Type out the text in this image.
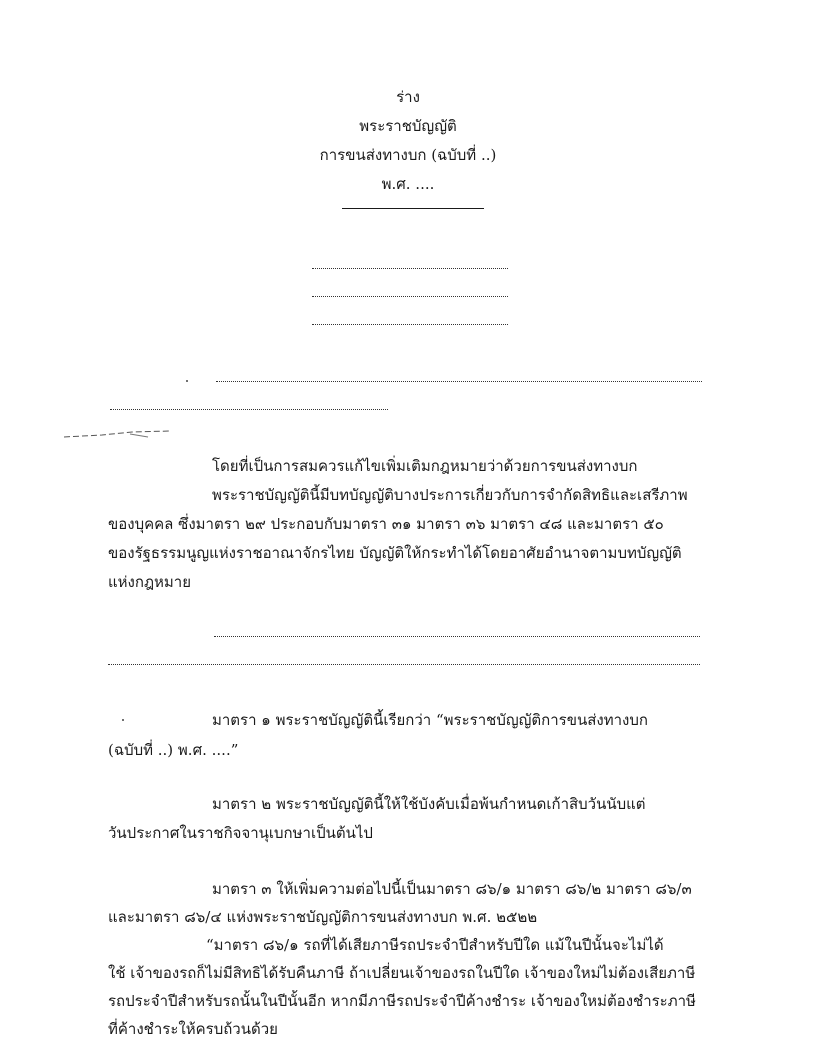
ร่าง
พระราชบัญญัติ
การขนส่งทางบก (ฉบับที่ ..)
พ.ศ. ....
โดยที่เป็นการสมควรแก้ไขเพิ่มเติมกฎหมายว่าด้วยการขนส่งทางบก
พระราชบัญญัตินี้มีบทบัญญัติบางประการเกี่ยวกับการจำกัดสิทธิและเสรีภาพ
ของบุคคล ซึ่งมาตรา ๒๙ ประกอบกับมาตรา ๓๑ มาตรา ๓๖ มาตรา ๔๘ และมาตรา ๕๐
ของรัฐธรรมนูญแห่งราชอาณาจักรไทย บัญญัติให้กระทำได้โดยอาศัยอำนาจตามบทบัญญัติ
แห่งกฎหมาย
มาตรา ๑ พระราชบัญญัตินี้เรียกว่า “พระราชบัญญัติการขนส่งทางบก
(ฉบับที่ ..) พ.ศ. ....”
มาตรา ๒ พระราชบัญญัตินี้ให้ใช้บังคับเมื่อพ้นกำหนดเก้าสิบวันนับแต่
วันประกาศในราชกิจจานุเบกษาเป็นต้นไป
มาตรา ๓ ให้เพิ่มความต่อไปนี้เป็นมาตรา ๘๖/๑ มาตรา ๘๖/๒ มาตรา ๘๖/๓
และมาตรา ๘๖/๔ แห่งพระราชบัญญัติการขนส่งทางบก พ.ศ. ๒๕๒๒
“มาตรา ๘๖/๑ รถที่ได้เสียภาษีรถประจำปีสำหรับปีใด แม้ในปีนั้นจะไม่ได้
ใช้ เจ้าของรถก็ไม่มีสิทธิได้รับคืนภาษี ถ้าเปลี่ยนเจ้าของรถในปีใด เจ้าของใหม่ไม่ต้องเสียภาษี
รถประจำปีสำหรับรถนั้นในปีนั้นอีก หากมีภาษีรถประจำปีค้างชำระ เจ้าของใหม่ต้องชำระภาษี
ที่ค้างชำระให้ครบถ้วนด้วย
